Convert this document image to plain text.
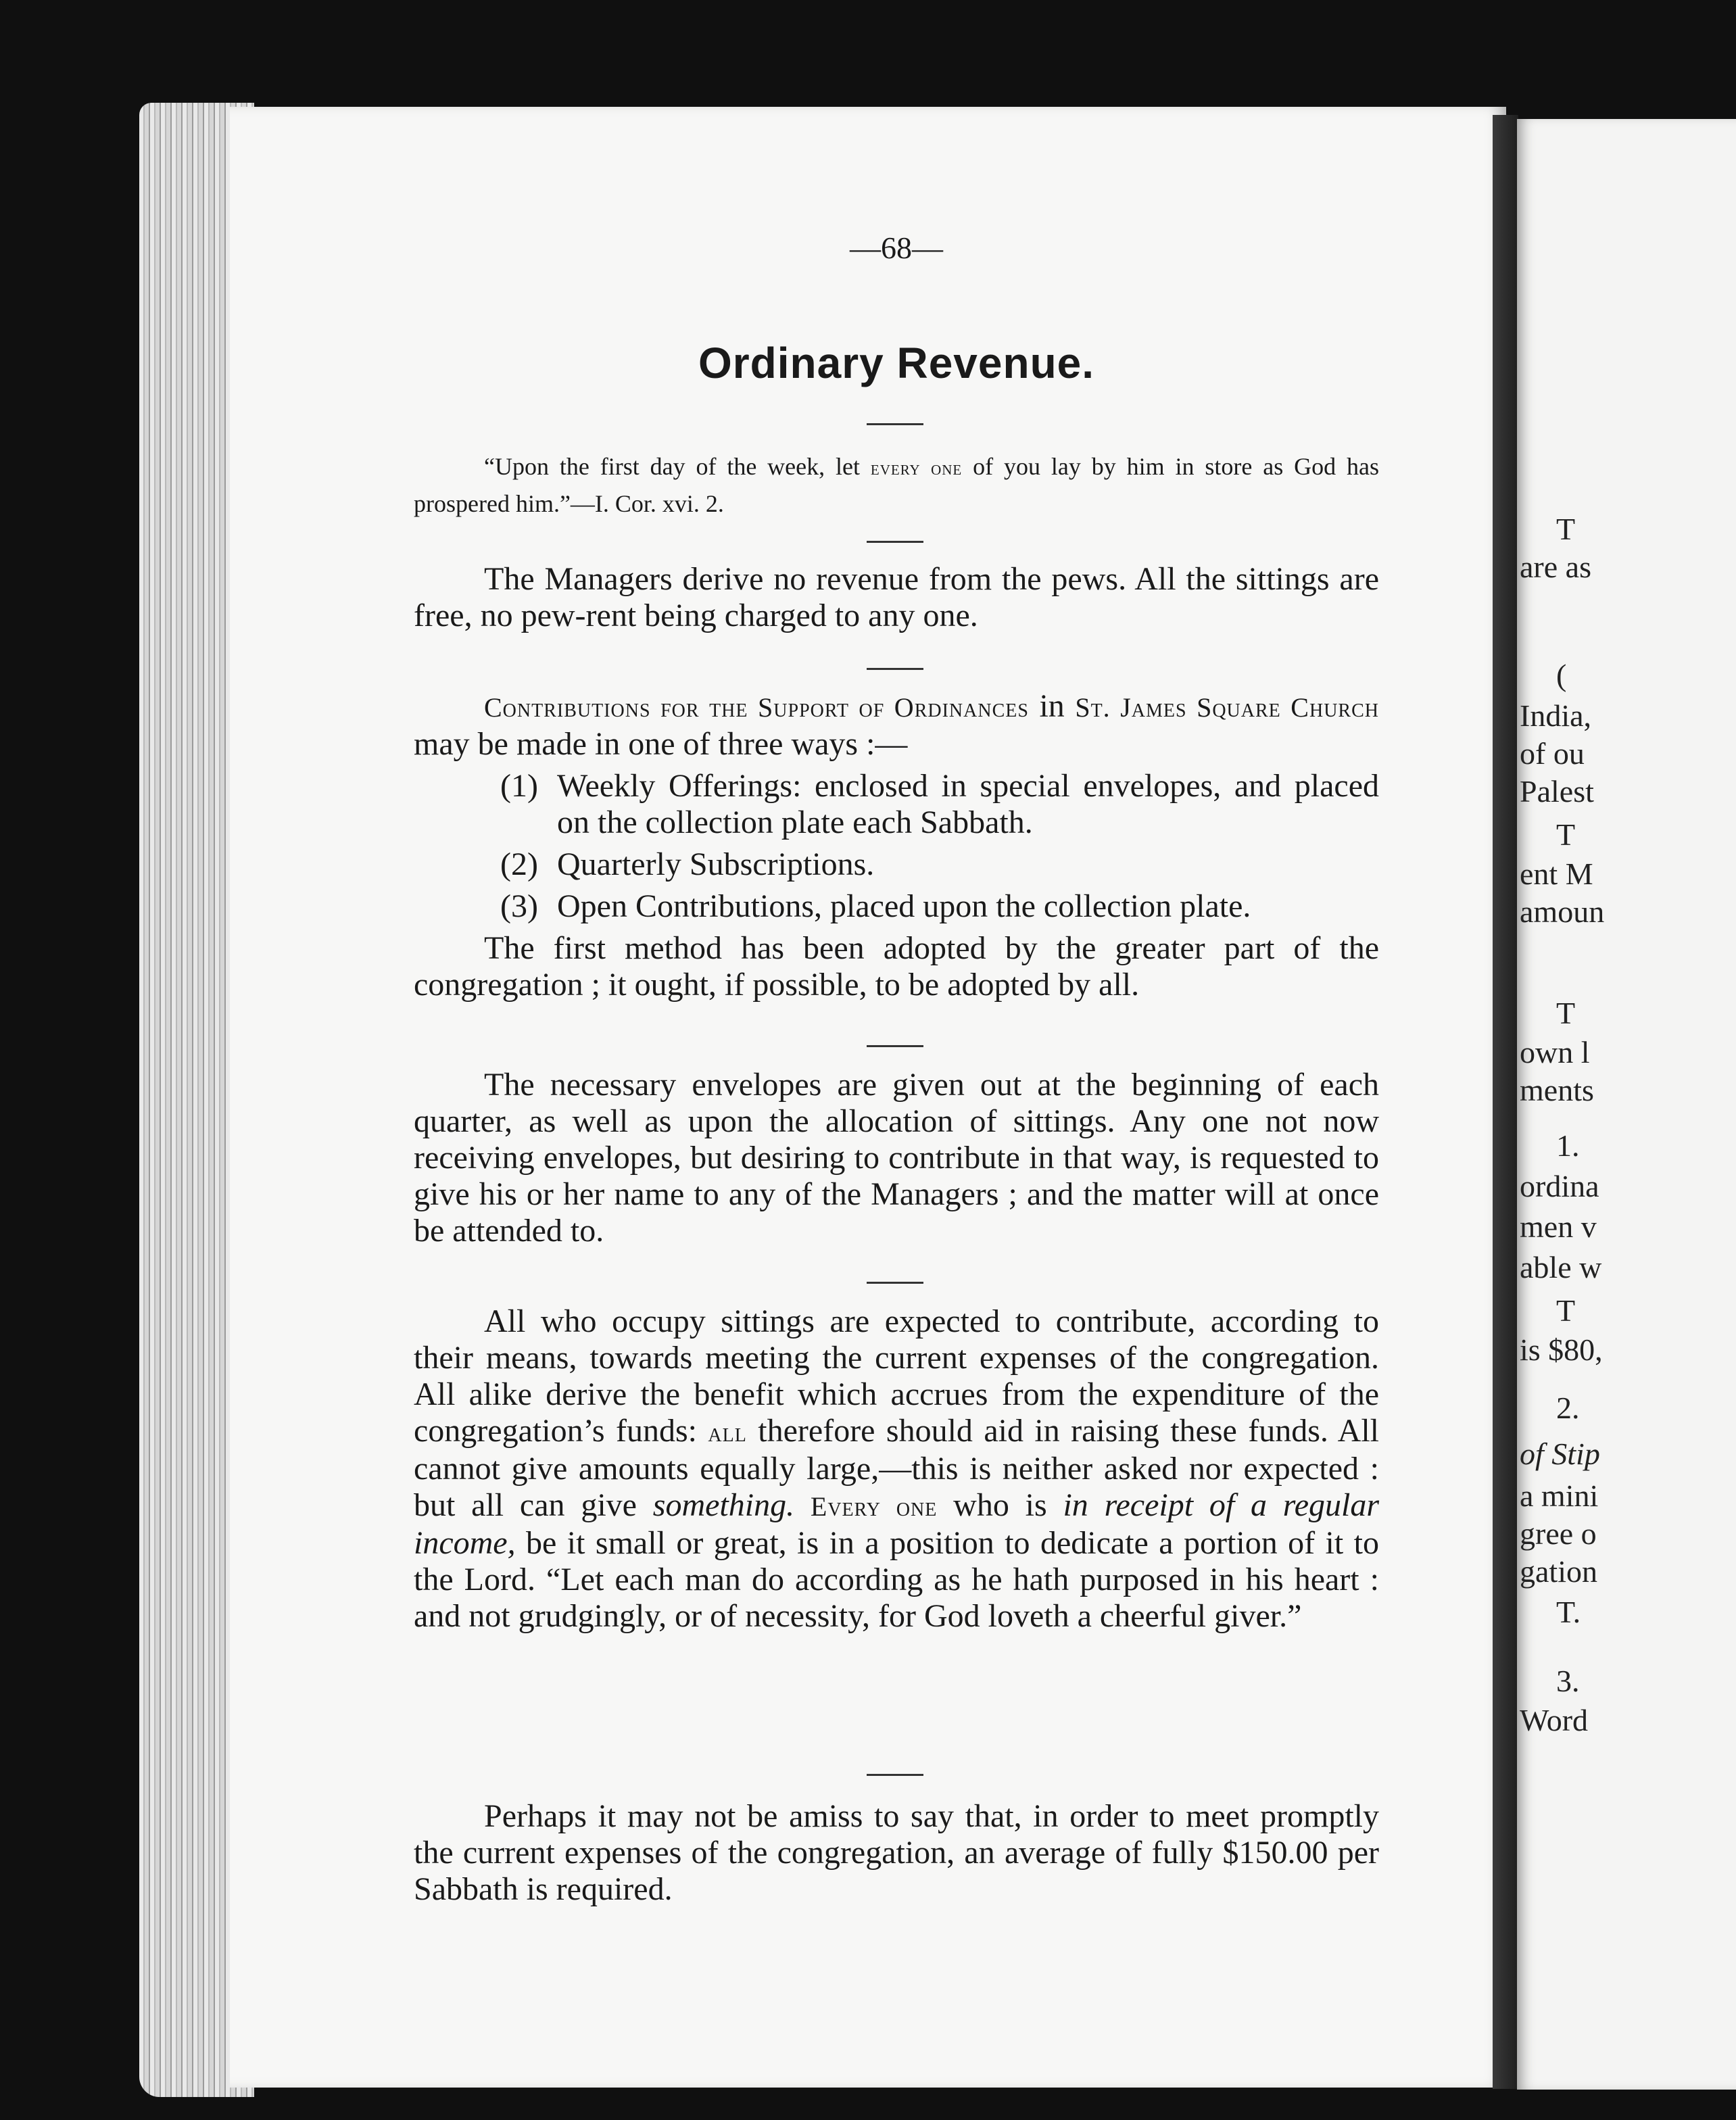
T
are as
(
India,
of ou
Palest
T
ent M
amoun
T
own l
ments
1.
ordina
men v
able w
T
is $80,
2.
of Stip
a mini
gree o
gation
T.
3.
Word
—68—
Ordinary Revenue.

“Upon the first day of the week, let every one of you lay by him in store as God has prospered him.”—I. Cor. xvi. 2.

The Managers derive no revenue from the pews. All the sittings are free, no pew-rent being charged to any one.

Contributions for the Support of Ordinances in St. James Square Church may be made in one of three ways :—

(1) Weekly Offerings: enclosed in special envelopes, and placed on the collection plate each Sabbath.

(2) Quarterly Subscriptions.

(3) Open Contributions, placed upon the collection plate.

The first method has been adopted by the greater part of the congregation ; it ought, if possible, to be adopted by all.

The necessary envelopes are given out at the beginning of each quarter, as well as upon the allocation of sittings. Any one not now receiving envelopes, but desiring to contribute in that way, is requested to give his or her name to any of the Managers ; and the matter will at once be attended to.

All who occupy sittings are expected to contribute, according to their means, towards meeting the current expenses of the congregation. All alike derive the benefit which accrues from the expenditure of the congregation’s funds: all therefore should aid in raising these funds. All cannot give amounts equally large,—this is neither asked nor expected : but all can give something. Every one who is in receipt of a regular income, be it small or great, is in a position to dedicate a portion of it to the Lord. “Let each man do according as he hath purposed in his heart : and not grudgingly, or of necessity, for God loveth a cheerful giver.”

Perhaps it may not be amiss to say that, in order to meet promptly the current expenses of the congregation, an average of fully $150.00 per Sabbath is required.
